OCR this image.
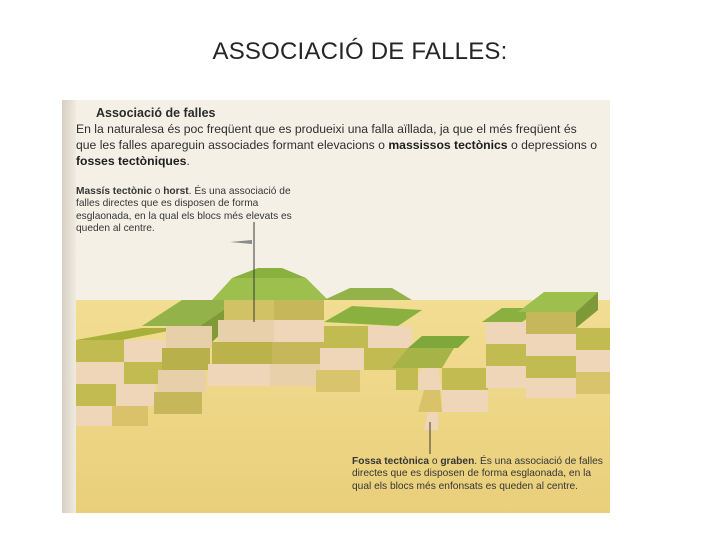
ASSOCIACIÓ DE FALLES:
Associació de falles
En la naturalesa és poc freqüent que es produeixi una falla aïllada, ja que el més freqüent és que les falles apareguin associades formant elevacions o massissos tectònics o depressions o fosses tectòniques.
Massís tectònic o horst. És una associació de falles directes que es disposen de forma esglaonada, en la qual els blocs més elevats es queden al centre.
Fossa tectònica o graben. És una associació de falles directes que es disposen de forma esglaonada, en la qual els blocs més enfonsats es queden al centre.
